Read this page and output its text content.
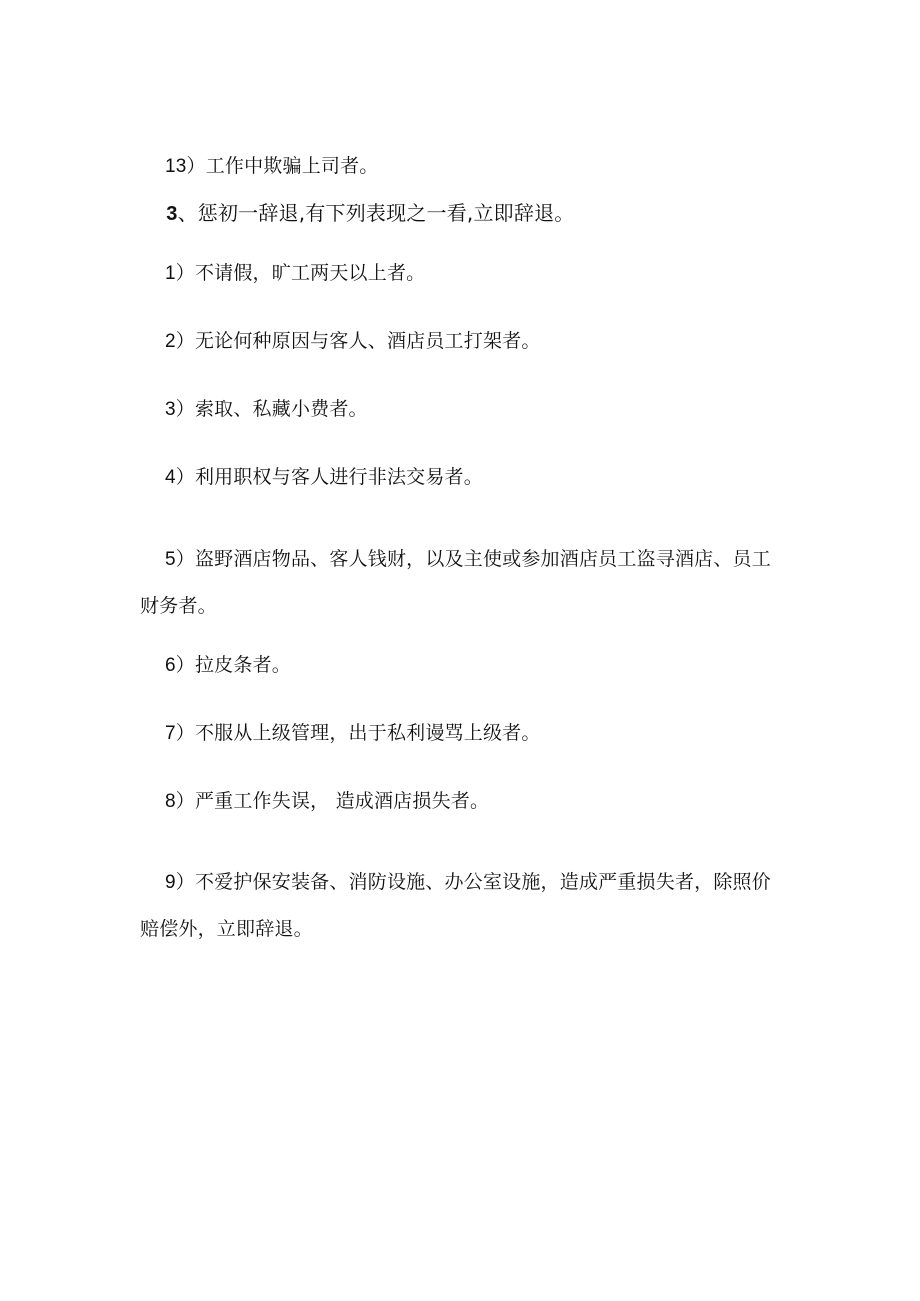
13）工作中欺骗上司者。

3、惩初一辞退,有下列表现之一看,立即辞退。

1）不请假，旷工两天以上者。

2）无论何种原因与客人、酒店员工打架者。

3）索取、私藏小费者。

4）利用职权与客人进行非法交易者。

5）盗野酒店物品、客人钱财，以及主使或参加酒店员工盗寻酒店、员工财务者。

6）拉皮条者。

7）不服从上级管理，出于私利谩骂上级者。

8）严重工作失误， 造成酒店损失者。

9）不爱护保安装备、消防设施、办公室设施，造成严重损失者，除照价赔偿外，立即辞退。
